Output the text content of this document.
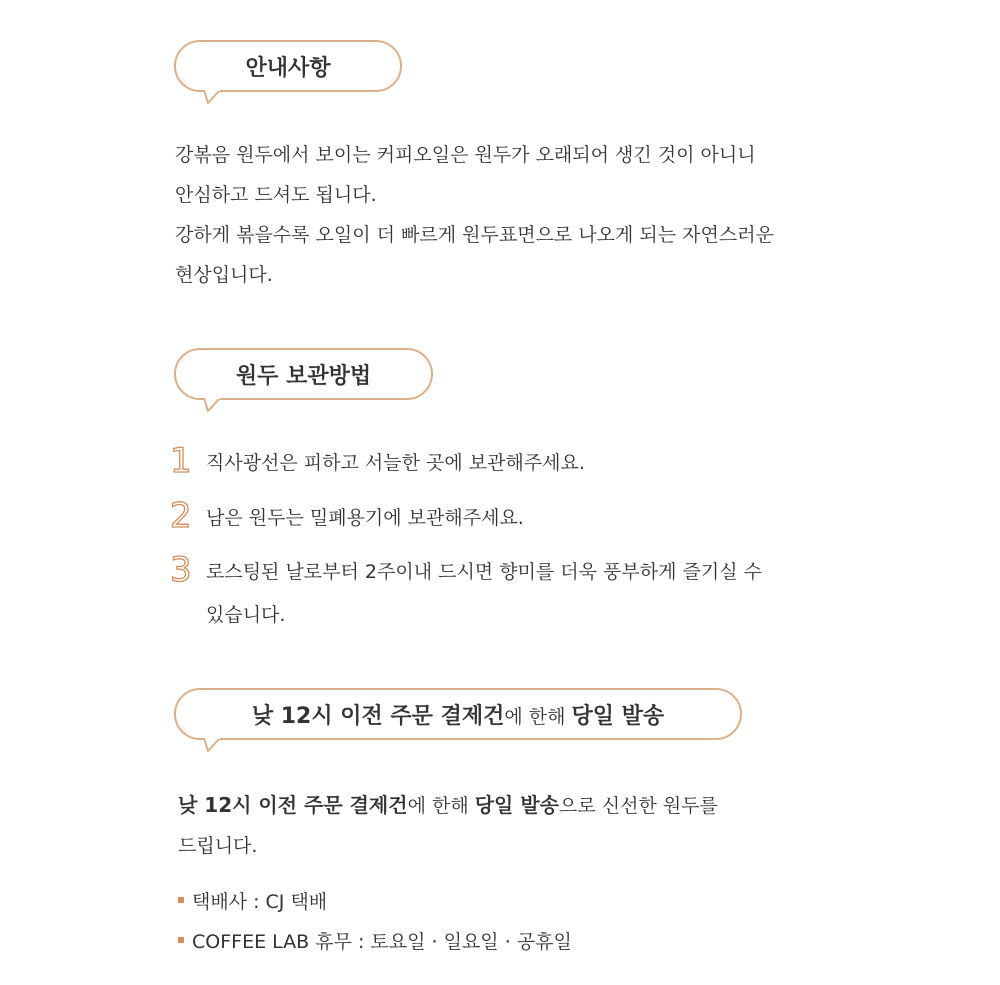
안내사항
강볶음 원두에서 보이는 커피오일은 원두가 오래되어 생긴 것이 아니니
안심하고 드셔도 됩니다.
강하게 볶을수록 오일이 더 빠르게 원두표면으로 나오게 되는 자연스러운
현상입니다.
원두 보관방법
1 직사광선은 피하고 서늘한 곳에 보관해주세요.
2 남은 원두는 밀폐용기에 보관해주세요.
3 로스팅된 날로부터 2주이내 드시면 향미를 더욱 풍부하게 즐기실 수
있습니다.
낮 12시 이전 주문 결제건에 한해 당일 발송
낮 12시 이전 주문 결제건에 한해 당일 발송으로 신선한 원두를
드립니다.
택배사 : CJ 택배
COFFEE LAB 휴무 : 토요일 · 일요일 · 공휴일
